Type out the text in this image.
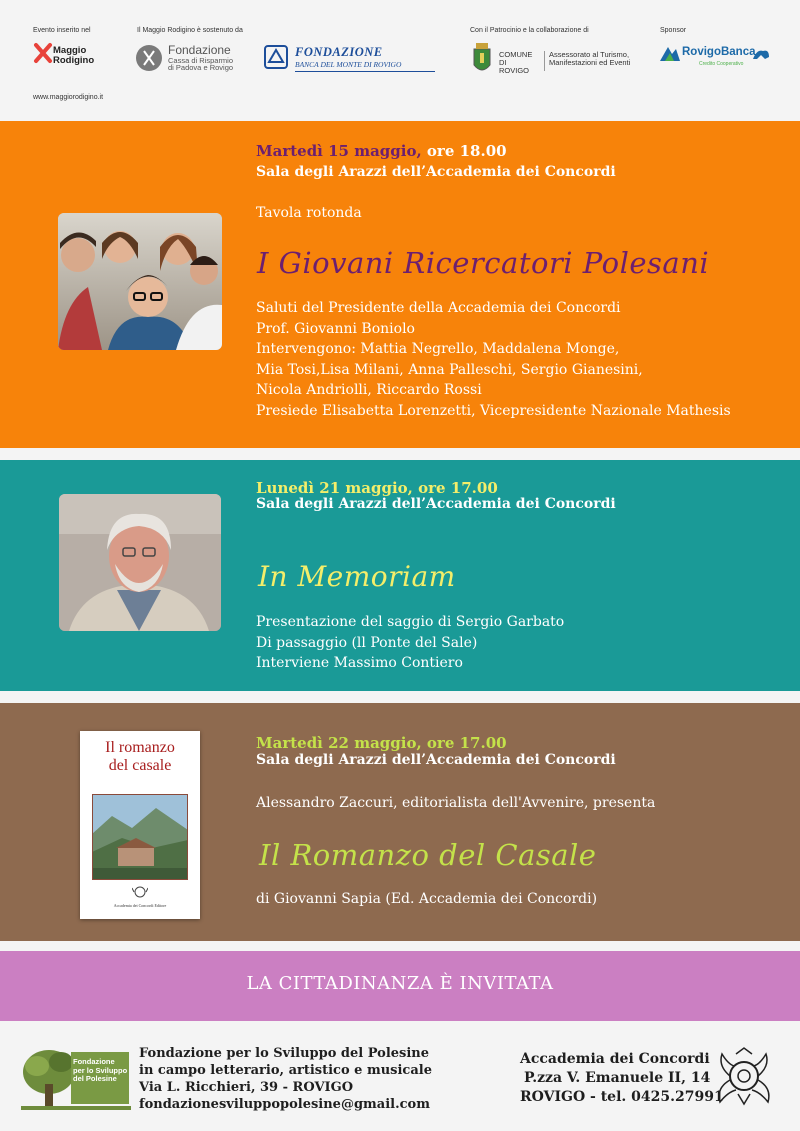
Evento inserito nel
Maggio
Rodigino
www.maggiorodigino.it
Il Maggio Rodigino è sostenuto da
Fondazione
Cassa di Risparmio
di Padova e Rovigo
FONDAZIONE
BANCA DEL MONTE DI ROVIGO
Con il Patrocinio e la collaborazione di
COMUNE
DI ROVIGO
Assessorato al Turismo,
Manifestazioni ed Eventi
Sponsor
RovigoBanca
Credito Cooperativo
Martedì 15 maggio, ore 18.00
Sala degli Arazzi dell’Accademia dei Concordi
Tavola rotonda
I Giovani Ricercatori Polesani
Saluti del Presidente della Accademia dei Concordi
Prof. Giovanni Boniolo
Intervengono: Mattia Negrello, Maddalena Monge,
Mia Tosi,Lisa Milani, Anna Palleschi, Sergio Gianesini,
Nicola Andriolli, Riccardo Rossi
Presiede Elisabetta Lorenzetti, Vicepresidente Nazionale Mathesis
Lunedì 21 maggio, ore 17.00
Sala degli Arazzi dell’Accademia dei Concordi
In Memoriam
Presentazione del saggio di Sergio Garbato
Di passaggio (ll Ponte del Sale)
Interviene Massimo Contiero
Il romanzo
del casale
Accademia dei Concordi Editore
Martedì 22 maggio, ore 17.00
Sala degli Arazzi dell’Accademia dei Concordi
Alessandro Zaccuri, editorialista dell'Avvenire, presenta
Il Romanzo del Casale
di Giovanni Sapia (Ed. Accademia dei Concordi)
LA CITTADINANZA È INVITATA
Fondazione
per lo Sviluppo
del Polesine
Fondazione per lo Sviluppo del Polesine
in campo letterario, artistico e musicale
Via L. Ricchieri, 39 - ROVIGO
fondazionesviluppopolesine@gmail.com
Accademia dei Concordi
P.zza V. Emanuele II, 14
ROVIGO - tel. 0425.27991
